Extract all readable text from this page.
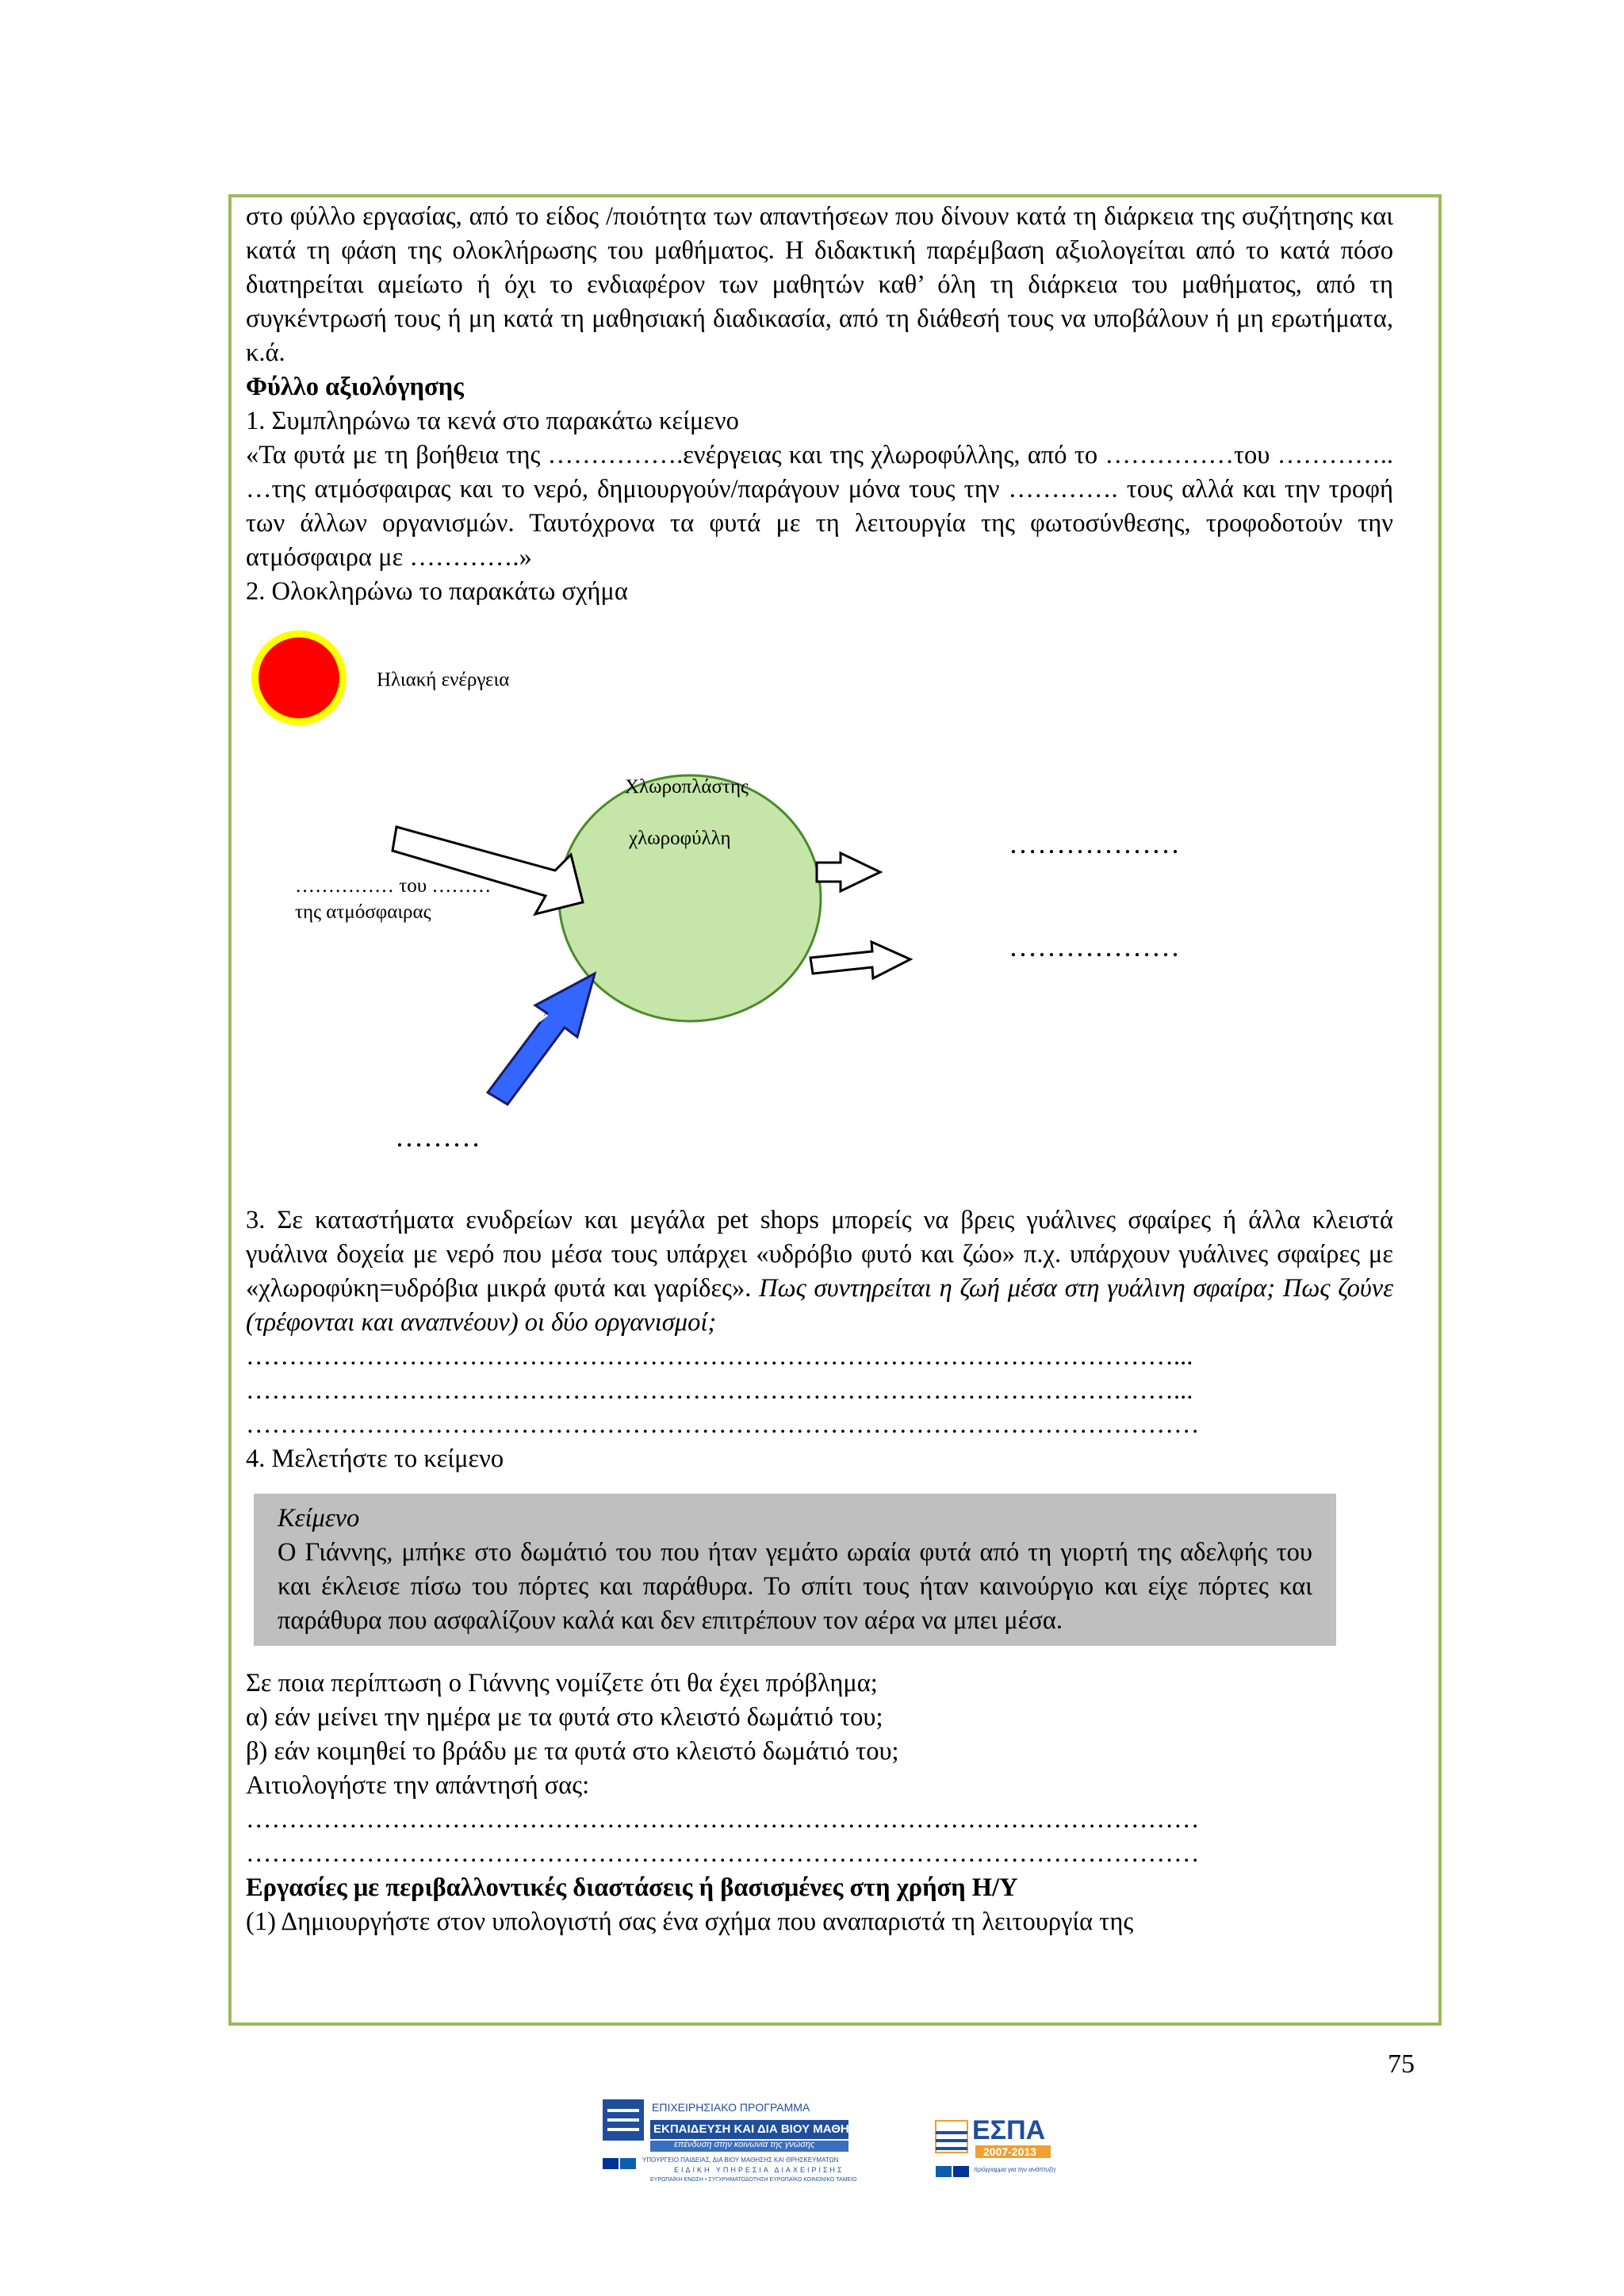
στο φύλλο εργασίας, από το είδος /ποιότητα των απαντήσεων που δίνουν κατά τη διάρκεια της συζήτησης και κατά τη φάση της ολοκλήρωσης του μαθήματος. Η διδακτική παρέμβαση αξιολογείται από το κατά πόσο διατηρείται αμείωτο ή όχι το ενδιαφέρον των μαθητών καθ’ όλη τη διάρκεια του μαθήματος, από τη συγκέντρωσή τους ή μη κατά τη μαθησιακή διαδικασία, από τη διάθεσή τους να υποβάλουν ή μη ερωτήματα, κ.ά.

Φύλλο αξιολόγησης

1. Συμπληρώνω τα κενά στο παρακάτω κείμενο

«Τα φυτά με τη βοήθεια της …………….ενέργειας και της χλωροφύλλης, από το ……………του ………….. …της ατμόσφαιρας και το νερό, δημιουργούν/παράγουν μόνα τους την …………. τους αλλά και την τροφή των άλλων οργανισμών. Ταυτόχρονα τα φυτά με τη λειτουργία της φωτοσύνθεσης, τροφοδοτούν την ατμόσφαιρα με ………….»

2. Ολοκληρώνω το παρακάτω σχήμα

Ηλιακή ενέργεια
Χλωροπλάστης
χλωροφύλλη
…………… του ………
της ατμόσφαιρας
………………
………………
………

3. Σε καταστήματα ενυδρείων και μεγάλα pet shops μπορείς να βρεις γυάλινες σφαίρες ή άλλα κλειστά γυάλινα δοχεία με νερό που μέσα τους υπάρχει «υδρόβιο φυτό και ζώο» π.χ. υπάρχουν γυάλινες σφαίρες με «χλωροφύκη=υδρόβια μικρά φυτά και γαρίδες». Πως συντηρείται η ζωή μέσα στη γυάλινη σφαίρα; Πως ζούνε (τρέφονται και αναπνέουν) οι δύο οργανισμοί;

………………………………………………………………………………………………...

………………………………………………………………………………………………...

…………………………………………………………………………………………………

4. Μελετήστε το κείμενο

Κείμενο

Ο Γιάννης, μπήκε στο δωμάτιό του που ήταν γεμάτο ωραία φυτά από τη γιορτή της αδελφής του και έκλεισε πίσω του πόρτες και παράθυρα. Το σπίτι τους ήταν καινούργιο και είχε πόρτες και παράθυρα που ασφαλίζουν καλά και δεν επιτρέπουν τον αέρα να μπει μέσα.

Σε ποια περίπτωση ο Γιάννης νομίζετε ότι θα έχει πρόβλημα;

α) εάν μείνει την ημέρα με τα φυτά στο κλειστό δωμάτιό του;

β) εάν κοιμηθεί το βράδυ με τα φυτά στο κλειστό δωμάτιό του;

Αιτιολογήστε την απάντησή σας:

…………………………………………………………………………………………………

…………………………………………………………………………………………………

Εργασίες με περιβαλλοντικές διαστάσεις ή βασισμένες στη χρήση Η/Υ

(1) Δημιουργήστε στον υπολογιστή σας ένα σχήμα που αναπαριστά τη λειτουργία της

75
ΕΠΙΧΕΙΡΗΣΙΑΚΟ ΠΡΟΓΡΑΜΜΑ
ΕΚΠΑΙΔΕΥΣΗ ΚΑΙ ΔΙΑ ΒΙΟΥ ΜΑΘΗΣΗ
επένδυση στην κοινωνία της γνώσης
ΥΠΟΥΡΓΕΙΟ ΠΑΙΔΕΙΑΣ, ΔΙΑ ΒΙΟΥ ΜΑΘΗΣΗΣ ΚΑΙ ΘΡΗΣΚΕΥΜΑΤΩΝ
ΕΙΔΙΚΗ ΥΠΗΡΕΣΙΑ ΔΙΑΧΕΙΡΙΣΗΣ
ΕΥΡΩΠΑΪΚΗ ΕΝΩΣΗ • ΣΥΓΧΡΗΜΑΤΟΔΟΤΗΣΗ ΕΥΡΩΠΑΪΚΟ ΚΟΙΝΩΝΙΚΟ ΤΑΜΕΙΟ
ΕΣΠΑ
2007-2013
πρόγραμμα για την ανάπτυξη
